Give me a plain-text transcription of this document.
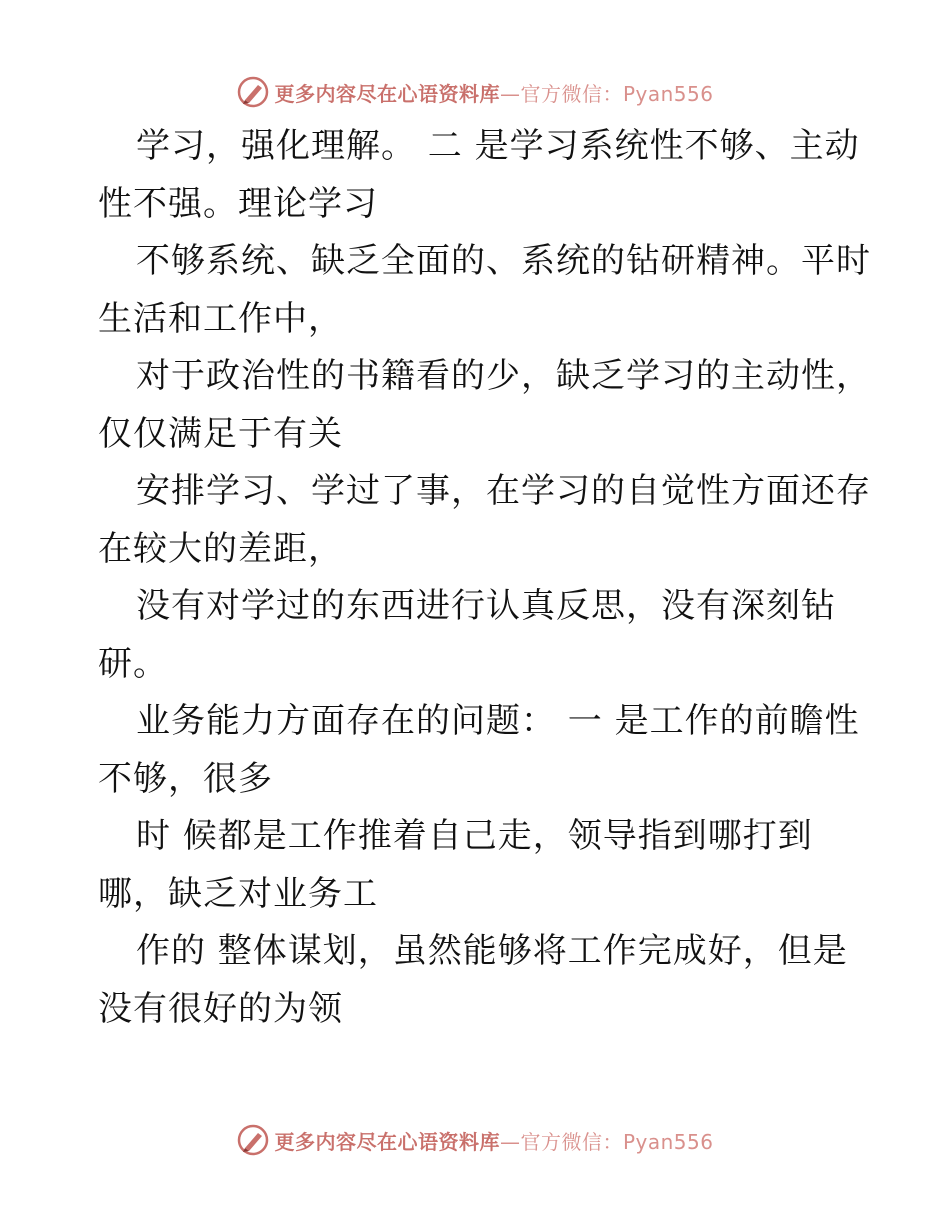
更多内容尽在心语资料库—官方微信：Pyan556
学习，强化理解。 二 是学习系统性不够、主动
性不强。理论学习
不够系统、缺乏全面的、系统的钻研精神。平时
生活和工作中，
对于政治性的书籍看的少，缺乏学习的主动性，
仅仅满足于有关
安排学习、学过了事，在学习的自觉性方面还存
在较大的差距，
没有对学过的东西进行认真反思，没有深刻钻
研。
业务能力方面存在的问题： 一 是工作的前瞻性
不够，很多
时 候都是工作推着自己走，领导指到哪打到
哪，缺乏对业务工
作的 整体谋划，虽然能够将工作完成好，但是
没有很好的为领
更多内容尽在心语资料库—官方微信：Pyan556
